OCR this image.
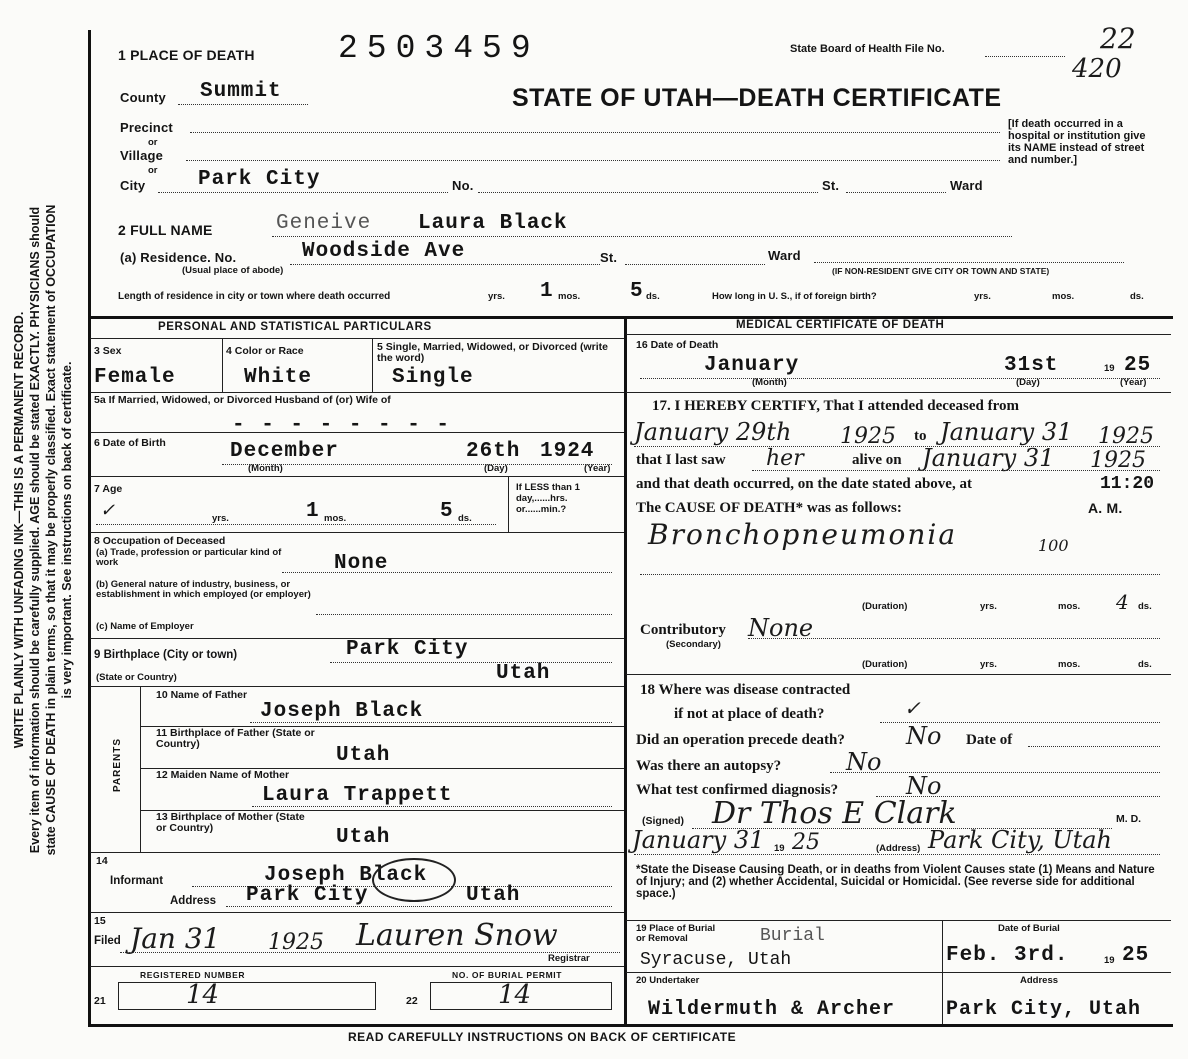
WRITE PLAINLY WITH UNFADING INK—THIS IS A PERMANENT RECORD. Every item of information should be carefully supplied. AGE should be stated EXACTLY. PHYSICIANS should state CAUSE OF DEATH in plain terms, so that it may be properly classified. Exact statement of OCCUPATION is very important. See instructions on back of certificate.
1 PLACE OF DEATH	2503459	State Board of Health File No.	22
420
STATE OF UTAH—DEATH CERTIFICATE
[If death occurred in a hospital or institution give its NAME instead of street and number.]
County Summit
Precinct
or
Village
or
City	Park City	No.	St.	Ward
2 FULL NAME	Geneive Laura Black
(a) Residence. No.	Woodside Ave
(Usual place of abode)
St.	Ward
(IF NON-RESIDENT GIVE CITY OR TOWN AND STATE)
Length of residence in city or town where death occurred	yrs. 1 mos. 5 ds.	How long in U. S., if of foreign birth?	yrs.	mos.	ds.
PERSONAL AND STATISTICAL PARTICULARS
3 Sex
Female
4 Color or Race
White
5 Single, Married, Widowed, or Divorced (write the word)
Single
5a If Married, Widowed, or Divorced Husband of (or) Wife of
- - - - - - - -
6 Date of Birth	December	26th 1924
(Month)	(Day)	(Year)
7 Age
✓	yrs.	1 mos.	5 ds.
If LESS than 1 day,......hrs. or......min.?
8 Occupation of Deceased
(a) Trade, profession or particular kind of work	None
(b) General nature of industry, business, or establishment in which employed (or employer)
(c) Name of Employer
9 Birthplace (City or town)	Park City
(State or Country)	Utah
PARENTS
10 Name of Father
Joseph Black
11 Birthplace of Father (State or Country)	Utah
12 Maiden Name of Mother
Laura Trappett
13 Birthplace of Mother (State or Country)	Utah
14
Informant	Joseph Black
Address Park City	Utah
15
Filed Jan 31 1925 Lauren Snow
Registrar
REGISTERED NUMBER	NO. OF BURIAL PERMIT
21	14	22	14
MEDICAL CERTIFICATE OF DEATH
16 Date of Death
January	31st	19 25
(Month)	(Day)	(Year)
17. I HEREBY CERTIFY, That I attended deceased from
January 29th 1925 to January 31 1925
that I last saw her	alive on January 31 1925
and that death occurred, on the date stated above, at	11:20
A. M.
The CAUSE OF DEATH* was as follows:
Bronchopneumonia	100
(Duration)	yrs.	mos. 4 ds.
Contributory None
(Secondary)
(Duration)	yrs.	mos.	ds.
18 Where was disease contracted
if not at place of death?	✓
Did an operation precede death?	No Date of
Was there an autopsy?	No
What test confirmed diagnosis?	No
(Signed) Dr Thos E Clark	M. D.
January 31 19 25	(Address) Park City, Utah
*State the Disease Causing Death, or in deaths from Violent Causes state (1) Means and Nature of Injury; and (2) whether Accidental, Suicidal or Homicidal. (See reverse side for additional space.)
19 Place of Burial or Removal	Burial
Syracuse, Utah
Date of Burial
Feb. 3rd.	19 25
20 Undertaker	Address
Wildermuth & Archer	Park City, Utah
READ CAREFULLY INSTRUCTIONS ON BACK OF CERTIFICATE
